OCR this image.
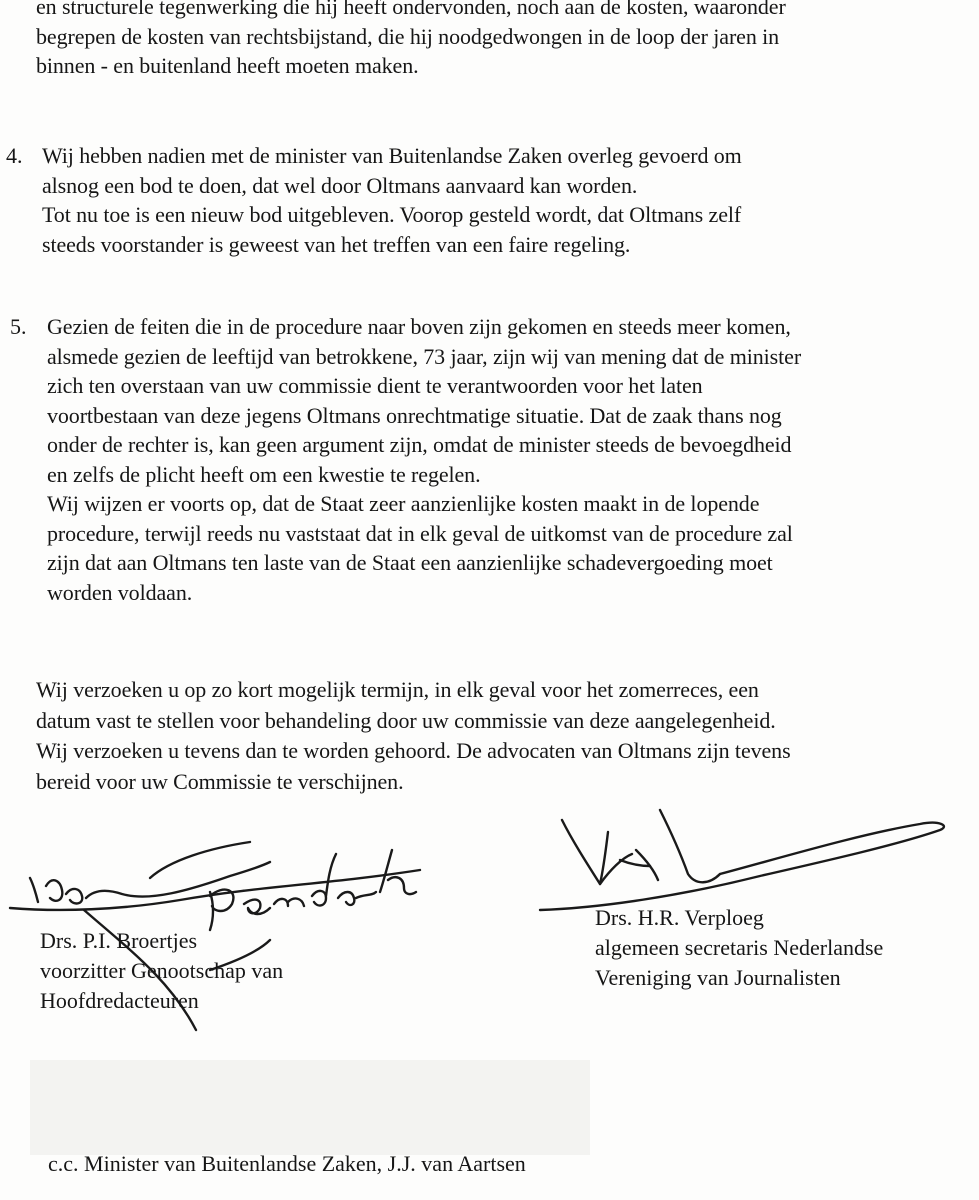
en structurele tegenwerking die hij heeft ondervonden, noch aan de kosten, waaronder
begrepen de kosten van rechtsbijstand, die hij noodgedwongen in de loop der jaren in
binnen - en buitenland heeft moeten maken.
4. Wij hebben nadien met de minister van Buitenlandse Zaken overleg gevoerd om
alsnog een bod te doen, dat wel door Oltmans aanvaard kan worden.
Tot nu toe is een nieuw bod uitgebleven. Voorop gesteld wordt, dat Oltmans zelf
steeds voorstander is geweest van het treffen van een faire regeling.
5. Gezien de feiten die in de procedure naar boven zijn gekomen en steeds meer komen,
alsmede gezien de leeftijd van betrokkene, 73 jaar, zijn wij van mening dat de minister
zich ten overstaan van uw commissie dient te verantwoorden voor het laten
voortbestaan van deze jegens Oltmans onrechtmatige situatie. Dat de zaak thans nog
onder de rechter is, kan geen argument zijn, omdat de minister steeds de bevoegdheid
en zelfs de plicht heeft om een kwestie te regelen.
Wij wijzen er voorts op, dat de Staat zeer aanzienlijke kosten maakt in de lopende
procedure, terwijl reeds nu vaststaat dat in elk geval de uitkomst van de procedure zal
zijn dat aan Oltmans ten laste van de Staat een aanzienlijke schadevergoeding moet
worden voldaan.
Wij verzoeken u op zo kort mogelijk termijn, in elk geval voor het zomerreces, een
datum vast te stellen voor behandeling door uw commissie van deze aangelegenheid.
Wij verzoeken u tevens dan te worden gehoord. De advocaten van Oltmans zijn tevens
bereid voor uw Commissie te verschijnen.
Drs. P.I. Broertjes
voorzitter Genootschap van
Hoofdredacteuren
Drs. H.R. Verploeg
algemeen secretaris Nederlandse
Vereniging van Journalisten
c.c. Minister van Buitenlandse Zaken, J.J. van Aartsen
